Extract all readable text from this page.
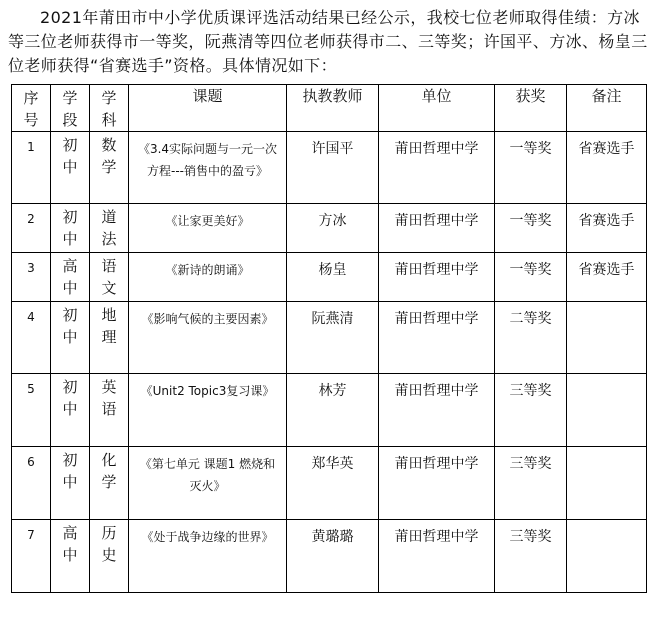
2021年莆田市中小学优质课评选活动结果已经公示，我校七位老师取得佳绩：方冰等三位老师获得市一等奖，阮燕清等四位老师获得市二、三等奖；许国平、方冰、杨皇三位老师获得“省赛选手”资格。具体情况如下：

序号	学段	学科	课题	执教教师	单位	获奖	备注
1	初中	数学	《3.4实际问题与一元一次方程---销售中的盈亏》	许国平	莆田哲理中学	一等奖	省赛选手
2	初中	道法	《让家更美好》	方冰	莆田哲理中学	一等奖	省赛选手
3	高中	语文	《新诗的朗诵》	杨皇	莆田哲理中学	一等奖	省赛选手
4	初中	地理	《影响气候的主要因素》	阮燕清	莆田哲理中学	二等奖	
5	初中	英语	《Unit2 Topic3复习课》	林芳	莆田哲理中学	三等奖	
6	初中	化学	《第七单元 课题1 燃烧和灭火》	郑华英	莆田哲理中学	三等奖	
7	高中	历史	《处于战争边缘的世界》	黄璐璐	莆田哲理中学	三等奖	
